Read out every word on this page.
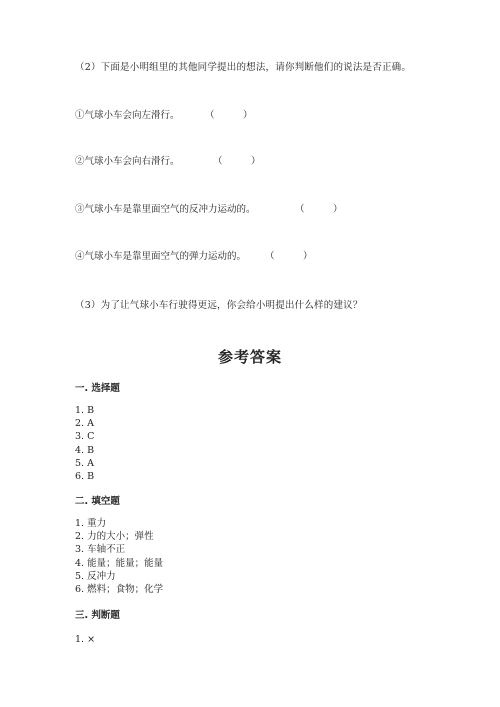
（2）下面是小明组里的其他同学提出的想法，请你判断他们的说法是否正确。
①气球小车会向左滑行。	（　　　）
②气球小车会向右滑行。	（　　　）
③气球小车是靠里面空气的反冲力运动的。	（　　　）
④气球小车是靠里面空气的弹力运动的。 （　　　）
（3）为了让气球小车行驶得更远，你会给小明提出什么样的建议？
参考答案
一. 选择题
1. B
2. A
3. C
4. B
5. A
6. B
二. 填空题
1. 重力
2. 力的大小；弹性
3. 车轴不正
4. 能量；能量；能量
5. 反冲力
6. 燃料；食物；化学
三. 判断题
1. ×
